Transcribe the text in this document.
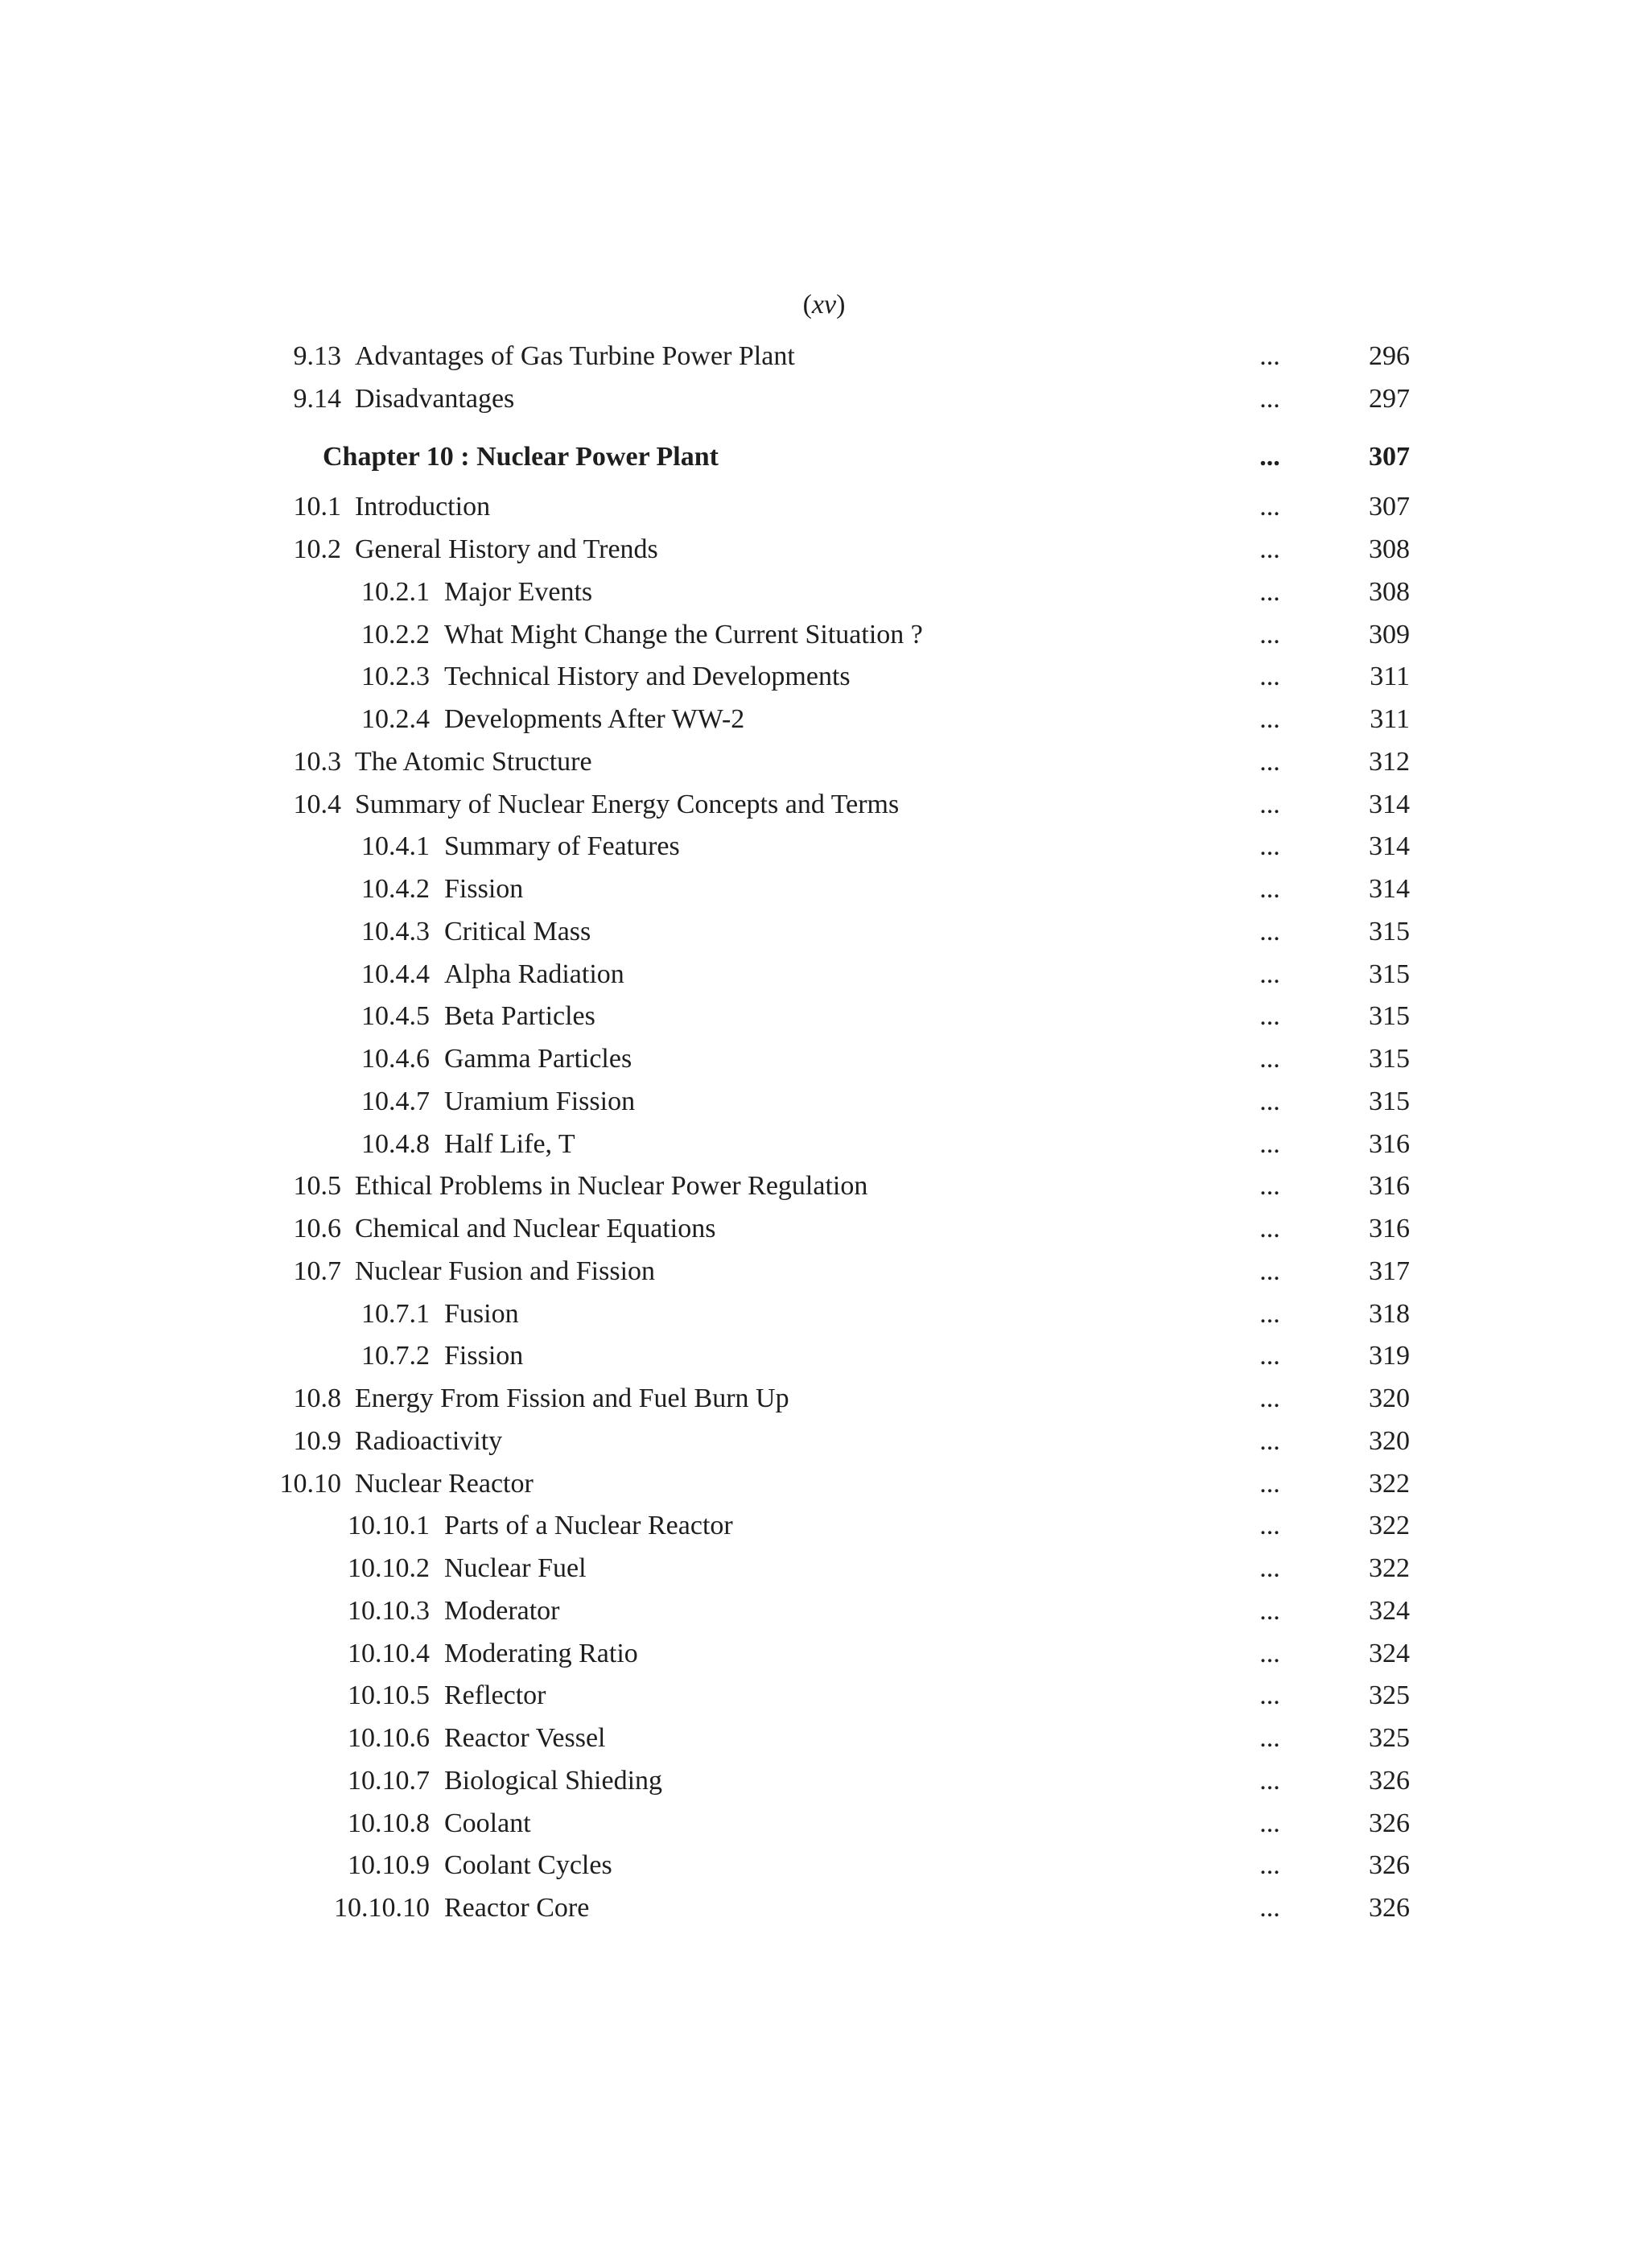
(xv)
9.13 Advantages of Gas Turbine Power Plant	...	296
9.14 Disadvantages	...	297
Chapter 10 : Nuclear Power Plant	...	307
10.1 Introduction	...	307
10.2 General History and Trends	...	308
10.2.1 Major Events	...	308
10.2.2 What Might Change the Current Situation ?	...	309
10.2.3 Technical History and Developments	...	311
10.2.4 Developments After WW-2	...	311
10.3 The Atomic Structure	...	312
10.4 Summary of Nuclear Energy Concepts and Terms	...	314
10.4.1 Summary of Features	...	314
10.4.2 Fission	...	314
10.4.3 Critical Mass	...	315
10.4.4 Alpha Radiation	...	315
10.4.5 Beta Particles	...	315
10.4.6 Gamma Particles	...	315
10.4.7 Uramium Fission	...	315
10.4.8 Half Life, T	...	316
10.5 Ethical Problems in Nuclear Power Regulation	...	316
10.6 Chemical and Nuclear Equations	...	316
10.7 Nuclear Fusion and Fission	...	317
10.7.1 Fusion	...	318
10.7.2 Fission	...	319
10.8 Energy From Fission and Fuel Burn Up	...	320
10.9 Radioactivity	...	320
10.10 Nuclear Reactor	...	322
10.10.1 Parts of a Nuclear Reactor	...	322
10.10.2 Nuclear Fuel	...	322
10.10.3 Moderator	...	324
10.10.4 Moderating Ratio	...	324
10.10.5 Reflector	...	325
10.10.6 Reactor Vessel	...	325
10.10.7 Biological Shieding	...	326
10.10.8 Coolant	...	326
10.10.9 Coolant Cycles	...	326
10.10.10 Reactor Core	...	326
